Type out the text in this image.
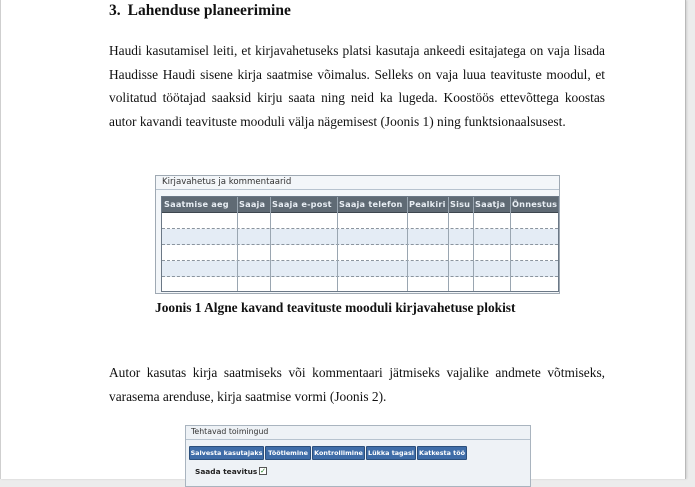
3. Lahenduse planeerimine
Haudi kasutamisel leiti, et kirjavahetuseks platsi kasutaja ankeedi esitajatega on vaja lisada Haudisse Haudi sisene kirja saatmise võimalus. Selleks on vaja luua teavituste moodul, et volitatud töötajad saaksid kirju saata ning neid ka lugeda. Koostöös ettevõttega koostas autor kavandi teavituste mooduli välja nägemisest (Joonis 1) ning funktsionaalsusest.
Kirjavahetus ja kommentaarid
Saatmise aeg	Saaja Saaja e-post Saaja telefon Pealkiri Sisu Saatja Õnnestus
Joonis 1 Algne kavand teavituste mooduli kirjavahetuse plokist
Autor kasutas kirja saatmiseks või kommentaari jätmiseks vajalike andmete võtmiseks, varasema arenduse, kirja saatmise vormi (Joonis 2).
Tehtavad toimingud
Salvesta kasutajaks Töötlemine Kontrollimine Lükka tagasi Katkesta töö
Saada teavitus ✓
